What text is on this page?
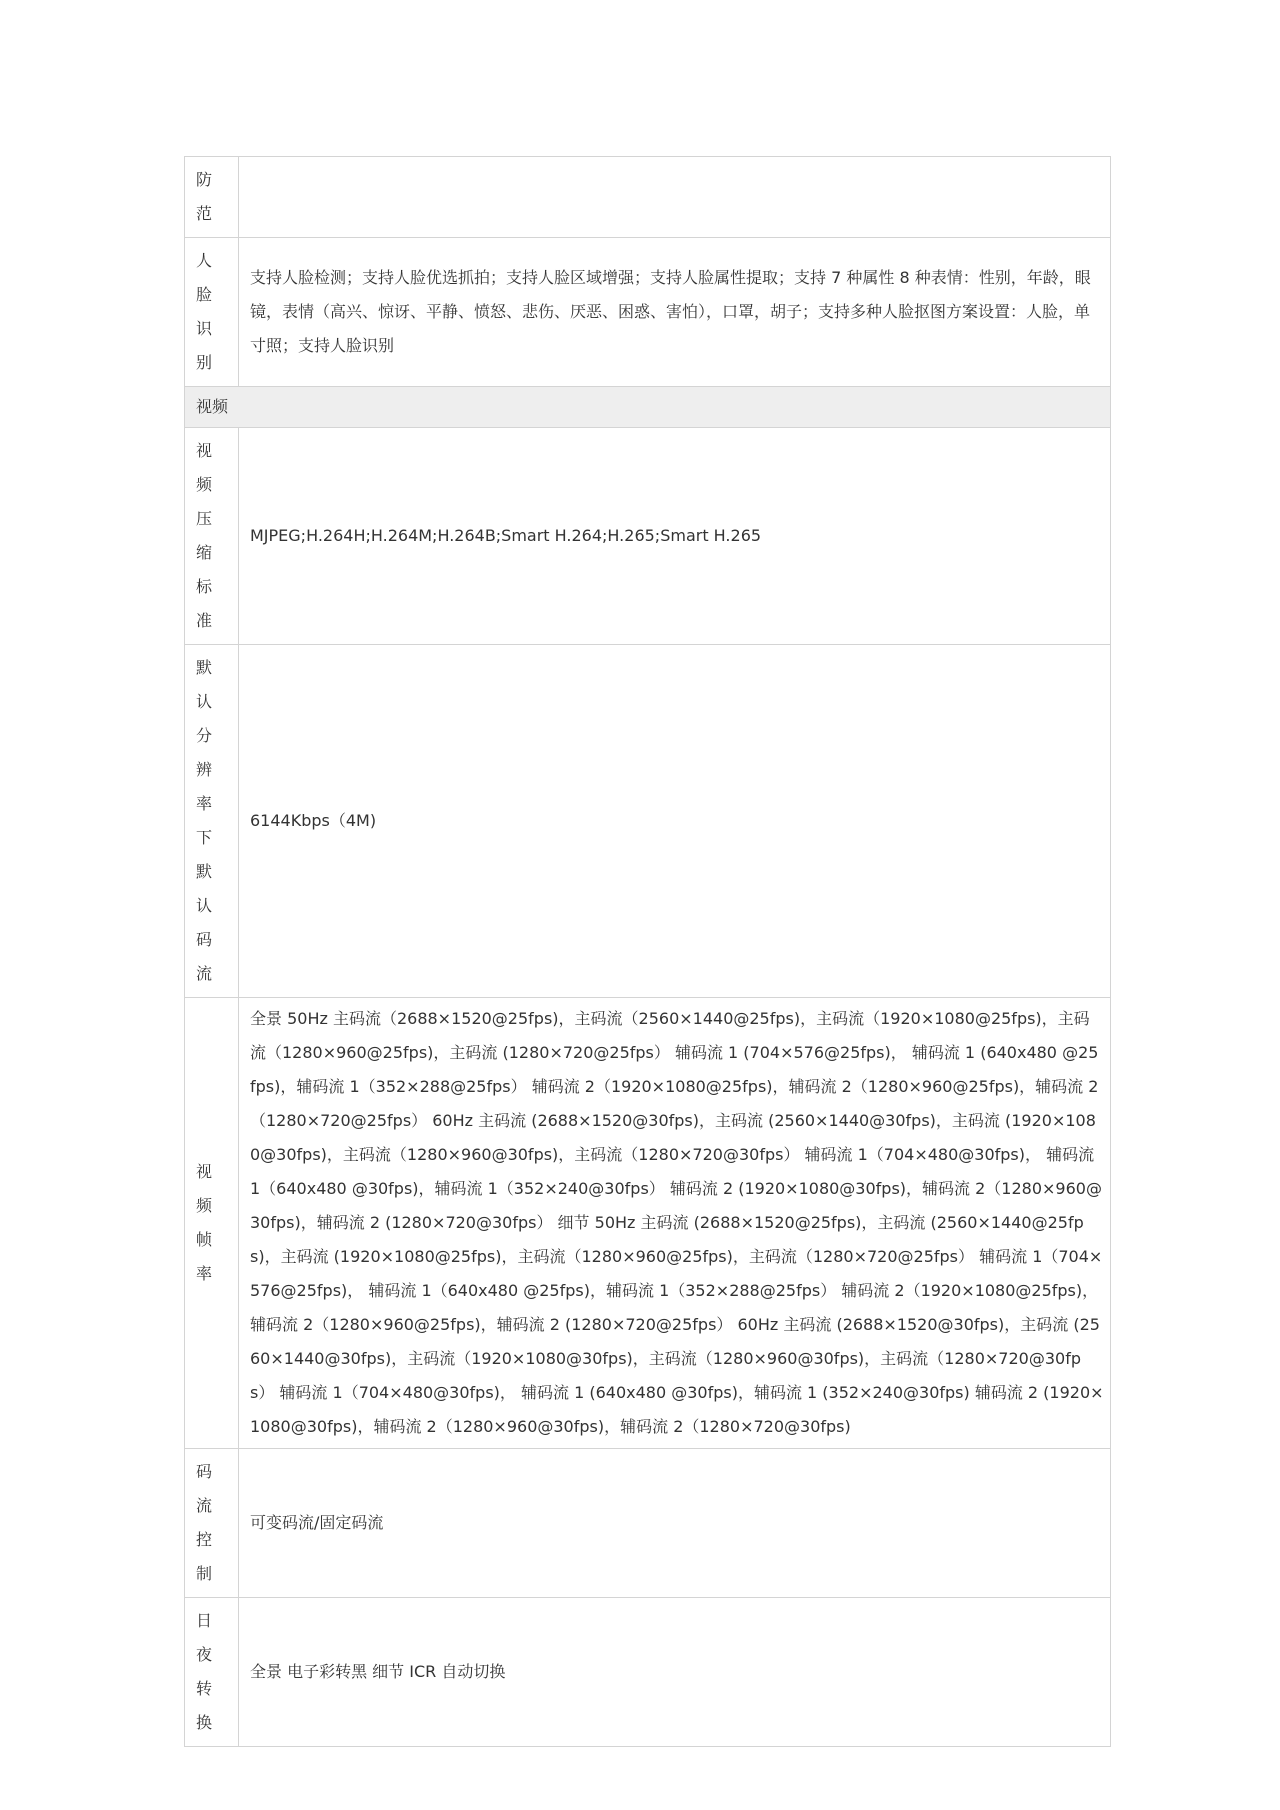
防范	

人脸识别	支持人脸检测；支持人脸优选抓拍；支持人脸区域增强；支持人脸属性提取；支持 7 种属性 8 种表情：性别，年龄，眼镜，表情（高兴、惊讶、平静、愤怒、悲伤、厌恶、困惑、害怕），口罩，胡子；支持多种人脸抠图方案设置：人脸，单寸照；支持人脸识别
视频	

视频压缩标准	MJPEG;H.264H;H.264M;H.264B;Smart H.264;H.265;Smart H.265

默认分辨率下默认码流	6144Kbps（4M)

视频帧率	全景 50Hz 主码流（2688×1520@25fps)，主码流（2560×1440@25fps)，主码流（1920×1080@25fps)，主码流（1280×960@25fps)，主码流 (1280×720@25fps） 辅码流 1 (704×576@25fps)， 辅码流 1 (640x480 @25fps)，辅码流 1（352×288@25fps） 辅码流 2（1920×1080@25fps)，辅码流 2（1280×960@25fps)，辅码流 2（1280×720@25fps） 60Hz 主码流 (2688×1520@30fps)，主码流 (2560×1440@30fps)，主码流 (1920×1080@30fps)，主码流（1280×960@30fps)，主码流（1280×720@30fps） 辅码流 1（704×480@30fps)， 辅码流 1（640x480 @30fps)，辅码流 1（352×240@30fps） 辅码流 2 (1920×1080@30fps)，辅码流 2（1280×960@30fps)，辅码流 2 (1280×720@30fps） 细节 50Hz 主码流 (2688×1520@25fps)，主码流 (2560×1440@25fps)，主码流 (1920×1080@25fps)，主码流（1280×960@25fps)，主码流（1280×720@25fps） 辅码流 1（704×576@25fps)， 辅码流 1（640x480 @25fps)，辅码流 1（352×288@25fps） 辅码流 2（1920×1080@25fps)，辅码流 2（1280×960@25fps)，辅码流 2 (1280×720@25fps） 60Hz 主码流 (2688×1520@30fps)，主码流 (2560×1440@30fps)，主码流（1920×1080@30fps)，主码流（1280×960@30fps)，主码流（1280×720@30fps） 辅码流 1（704×480@30fps)， 辅码流 1 (640x480 @30fps)，辅码流 1 (352×240@30fps) 辅码流 2 (1920×1080@30fps)，辅码流 2（1280×960@30fps)，辅码流 2（1280×720@30fps)

码流控制	可变码流/固定码流

日夜转换	全景 电子彩转黑 细节 ICR 自动切换
